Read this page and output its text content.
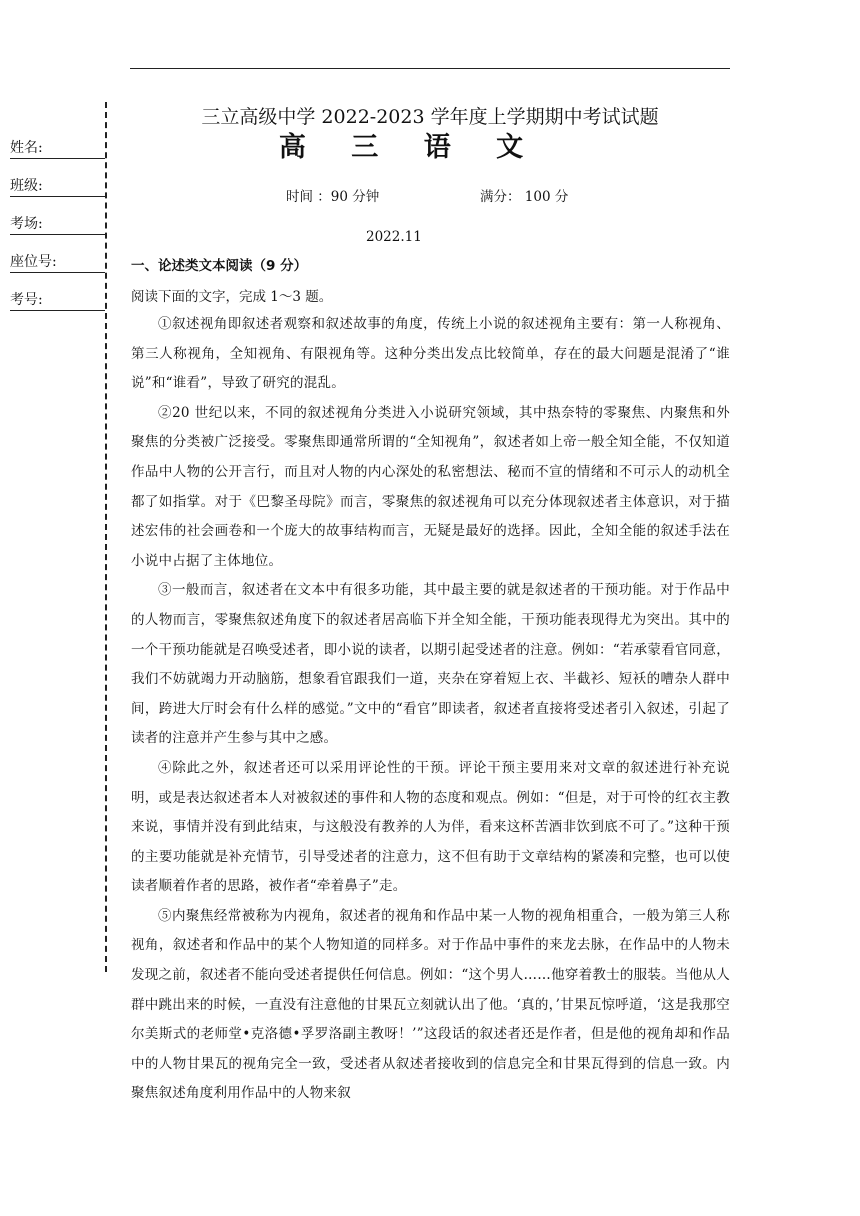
姓名:
班级:
考场:
座位号:
考号:
三立高级中学 2022-2023 学年度上学期期中考试试题
高 三 语 文
时间 ：90 分钟	满分： 100 分
2022.11
一、论述类文本阅读（9 分）
阅读下面的文字，完成 1～3 题。

①叙述视角即叙述者观察和叙述故事的角度，传统上小说的叙述视角主要有：第一人称视角、第三人称视角，全知视角、有限视角等。这种分类出发点比较简单，存在的最大问题是混淆了“谁说”和“谁看”，导致了研究的混乱。

②20 世纪以来，不同的叙述视角分类进入小说研究领域，其中热奈特的零聚焦、内聚焦和外聚焦的分类被广泛接受。零聚焦即通常所谓的“全知视角”，叙述者如上帝一般全知全能，不仅知道作品中人物的公开言行，而且对人物的内心深处的私密想法、秘而不宣的情绪和不可示人的动机全都了如指掌。对于《巴黎圣母院》而言，零聚焦的叙述视角可以充分体现叙述者主体意识，对于描述宏伟的社会画卷和一个庞大的故事结构而言，无疑是最好的选择。因此，全知全能的叙述手法在小说中占据了主体地位。

③一般而言，叙述者在文本中有很多功能，其中最主要的就是叙述者的干预功能。对于作品中的人物而言，零聚焦叙述角度下的叙述者居高临下并全知全能，干预功能表现得尤为突出。其中的一个干预功能就是召唤受述者，即小说的读者，以期引起受述者的注意。例如：“若承蒙看官同意，我们不妨就竭力开动脑筋，想象看官跟我们一道，夹杂在穿着短上衣、半截衫、短袄的嘈杂人群中间，跨进大厅时会有什么样的感觉。”文中的“看官”即读者，叙述者直接将受述者引入叙述，引起了读者的注意并产生参与其中之感。

④除此之外，叙述者还可以采用评论性的干预。评论干预主要用来对文章的叙述进行补充说明，或是表达叙述者本人对被叙述的事件和人物的态度和观点。例如：“但是，对于可怜的红衣主教来说，事情并没有到此结束，与这般没有教养的人为伴，看来这杯苦酒非饮到底不可了。”这种干预的主要功能就是补充情节，引导受述者的注意力，这不但有助于文章结构的紧凑和完整，也可以使读者顺着作者的思路，被作者“牵着鼻子”走。

⑤内聚焦经常被称为内视角，叙述者的视角和作品中某一人物的视角相重合，一般为第三人称视角，叙述者和作品中的某个人物知道的同样多。对于作品中事件的来龙去脉，在作品中的人物未发现之前，叙述者不能向受述者提供任何信息。例如：“这个男人……他穿着教士的服装。当他从人群中跳出来的时候，一直没有注意他的甘果瓦立刻就认出了他。‘真的，’甘果瓦惊呼道，‘这是我那空尔美斯式的老师堂•克洛德•孚罗洛副主教呀！’”这段话的叙述者还是作者，但是他的视角却和作品中的人物甘果瓦的视角完全一致，受述者从叙述者接收到的信息完全和甘果瓦得到的信息一致。内聚焦叙述角度利用作品中的人物来叙
